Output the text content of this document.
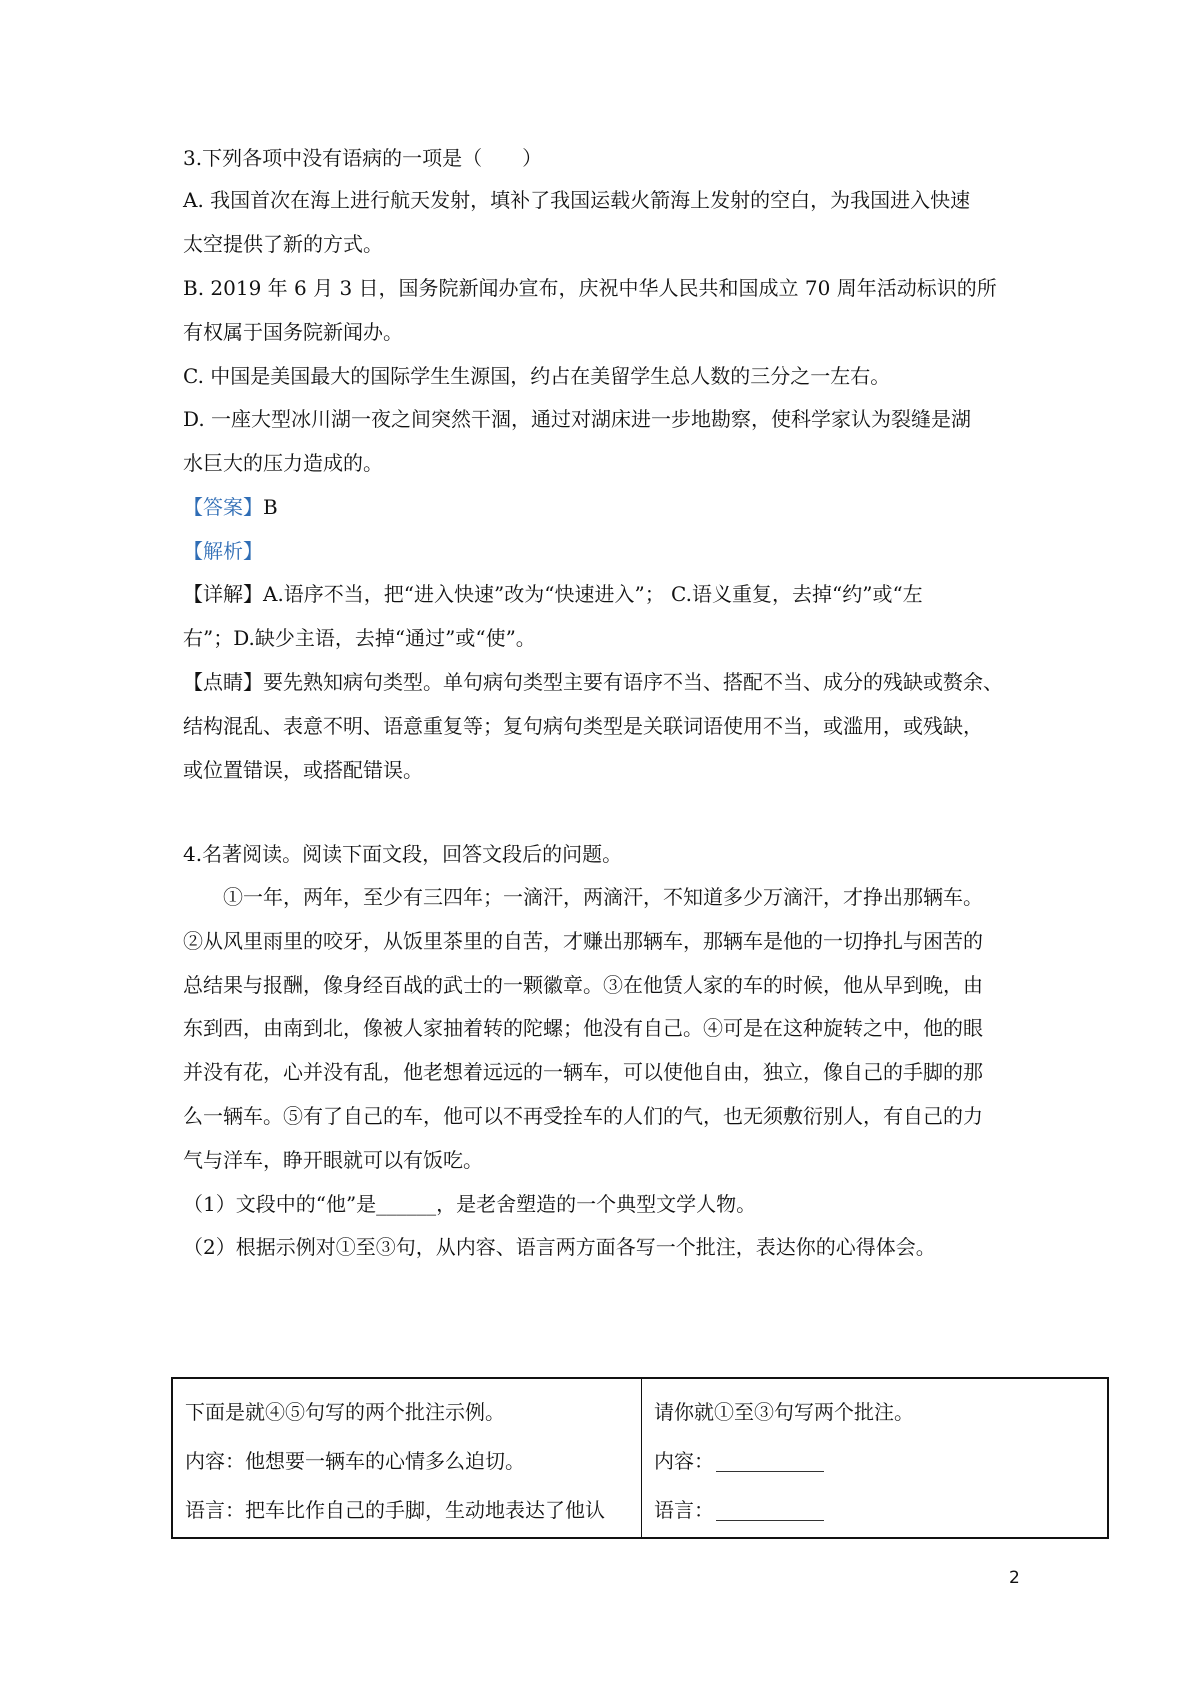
3.下列各项中没有语病的一项是（　　）
A. 我国首次在海上进行航天发射，填补了我国运载火箭海上发射的空白，为我国进入快速
太空提供了新的方式。
B. 2019 年 6 月 3 日，国务院新闻办宣布，庆祝中华人民共和国成立 70 周年活动标识的所
有权属于国务院新闻办。
C. 中国是美国最大的国际学生生源国，约占在美留学生总人数的三分之一左右。
D. 一座大型冰川湖一夜之间突然干涸，通过对湖床进一步地勘察，使科学家认为裂缝是湖
水巨大的压力造成的。
【答案】B
【解析】
【详解】A.语序不当，把“进入快速”改为“快速进入”； C.语义重复，去掉“约”或“左
右”；D.缺少主语，去掉“通过”或“使”。
【点睛】要先熟知病句类型。单句病句类型主要有语序不当、搭配不当、成分的残缺或赘余、
结构混乱、表意不明、语意重复等；复句病句类型是关联词语使用不当，或滥用，或残缺，
或位置错误，或搭配错误。
4.名著阅读。阅读下面文段，回答文段后的问题。
①一年，两年，至少有三四年；一滴汗，两滴汗，不知道多少万滴汗，才挣出那辆车。
②从风里雨里的咬牙，从饭里茶里的自苦，才赚出那辆车，那辆车是他的一切挣扎与困苦的
总结果与报酬，像身经百战的武士的一颗徽章。③在他赁人家的车的时候，他从早到晚，由
东到西，由南到北，像被人家抽着转的陀螺；他没有自己。④可是在这种旋转之中，他的眼
并没有花，心并没有乱，他老想着远远的一辆车，可以使他自由，独立，像自己的手脚的那
么一辆车。⑤有了自己的车，他可以不再受拴车的人们的气，也无须敷衍别人，有自己的力
气与洋车，睁开眼就可以有饭吃。
（1）文段中的“他”是______，是老舍塑造的一个典型文学人物。
（2）根据示例对①至③句，从内容、语言两方面各写一个批注，表达你的心得体会。
下面是就④⑤句写的两个批注示例。
内容：他想要一辆车的心情多么迫切。
语言：把车比作自己的手脚，生动地表达了他认
请你就①至③句写两个批注。
内容：
语言：
2
